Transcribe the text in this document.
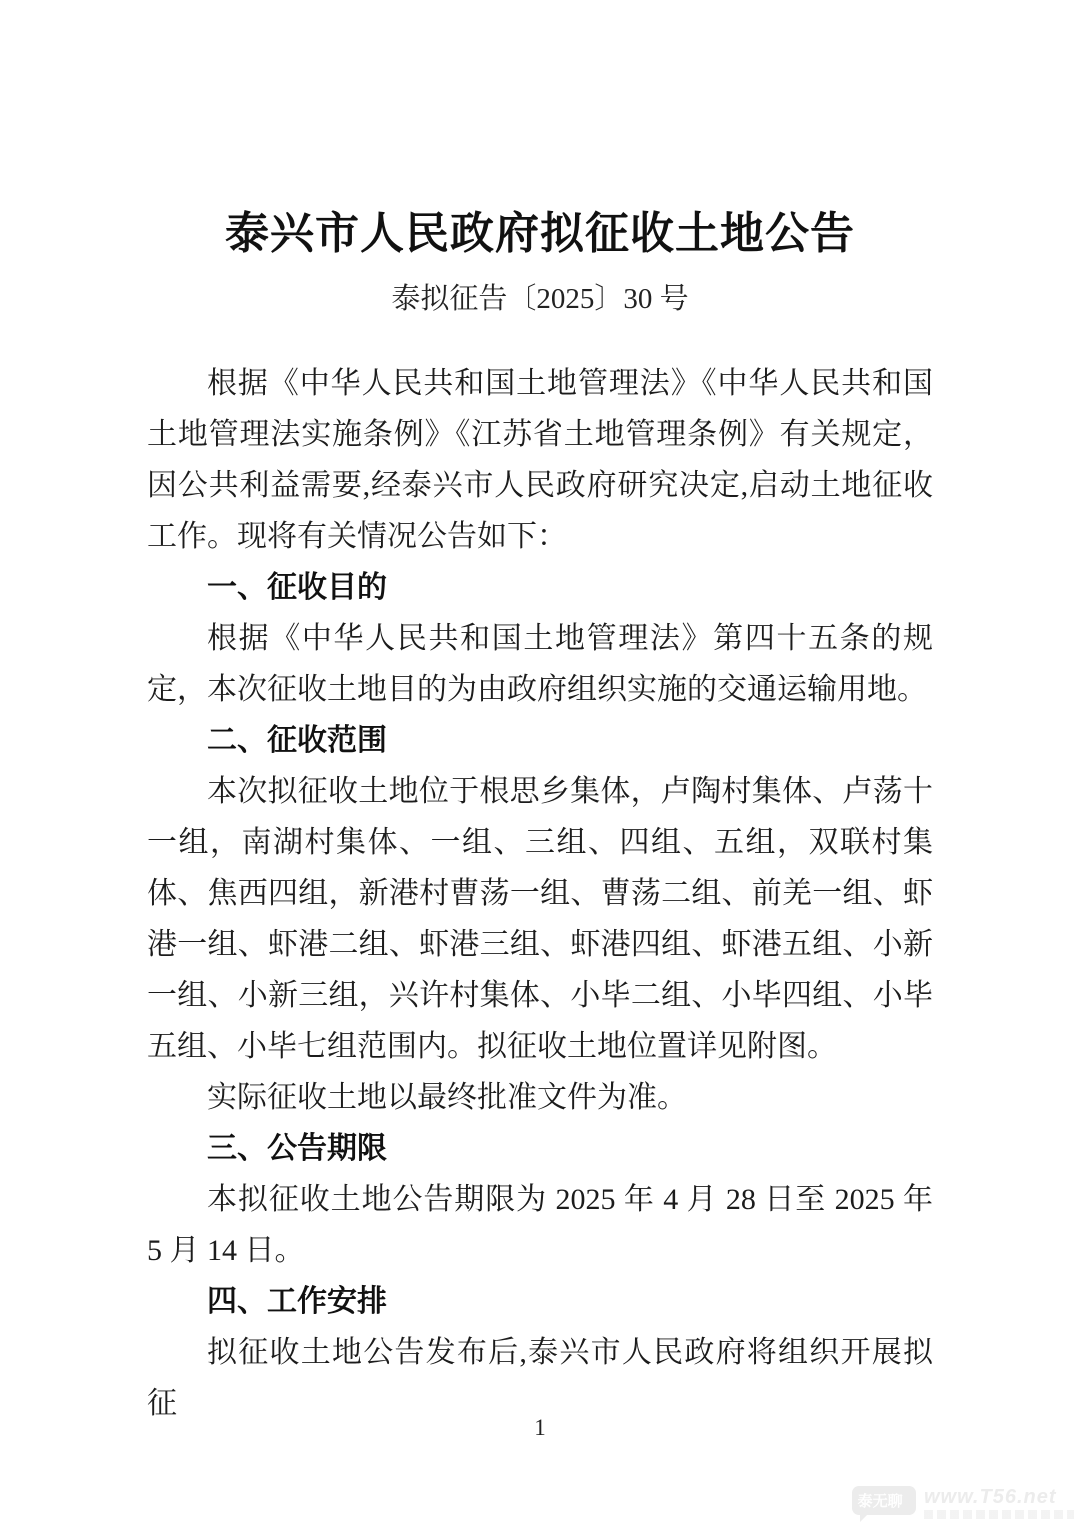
泰兴市人民政府拟征收土地公告
泰拟征告〔2025〕30 号

根据《中华人民共和国土地管理法》《中华人民共和国土地管理法实施条例》《江苏省土地管理条例》有关规定，因公共利益需要,经泰兴市人民政府研究决定,启动土地征收工作。现将有关情况公告如下：

一、征收目的

根据《中华人民共和国土地管理法》第四十五条的规定，本次征收土地目的为由政府组织实施的交通运输用地。

二、征收范围

本次拟征收土地位于根思乡集体，卢陶村集体、卢荡十一组，南湖村集体、一组、三组、四组、五组，双联村集体、焦西四组，新港村曹荡一组、曹荡二组、前羌一组、虾港一组、虾港二组、虾港三组、虾港四组、虾港五组、小新一组、小新三组，兴许村集体、小毕二组、小毕四组、小毕五组、小毕七组范围内。拟征收土地位置详见附图。

实际征收土地以最终批准文件为准。

三、公告期限

本拟征收土地公告期限为 2025 年 4 月 28 日至 2025 年 5 月 14 日。

四、工作安排

拟征收土地公告发布后,泰兴市人民政府将组织开展拟征

1
泰无聊® www.T56.net
